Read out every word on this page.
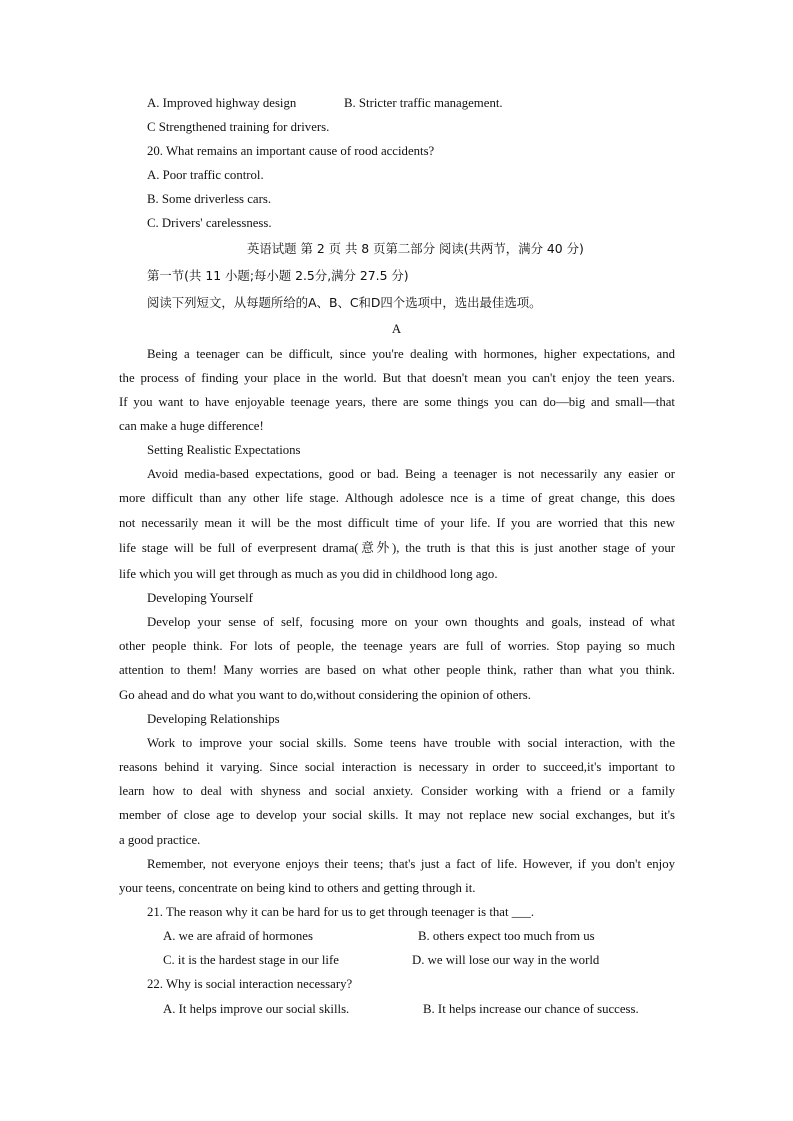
A. Improved highway design	B. Stricter traffic management.
C Strengthened training for drivers.
20. What remains an important cause of rood accidents?
A. Poor traffic control.
B. Some driverless cars.
C. Drivers' carelessness.
英语试题 第 2 页 共 8 页第二部分 阅读(共两节，满分 40 分)
第一节(共 11 小题;每小题 2.5分,满分 27.5 分)
阅读下列短文，从每题所给的A、B、C和D四个选项中，选出最佳选项。
A
Being a teenager can be difficult, since you're dealing with hormones, higher expectations, and
the process of finding your place in the world. But that doesn't mean you can't enjoy the teen years.
If you want to have enjoyable teenage years, there are some things you can do—big and small—that
can make a huge difference!
Setting Realistic Expectations
Avoid media-based expectations, good or bad. Being a teenager is not necessarily any easier or
more difficult than any other life stage. Although adolesce nce is a time of great change, this does
not necessarily mean it will be the most difficult time of your life. If you are worried that this new
life stage will be full of everpresent drama(意外), the truth is that this is just another stage of your
life which you will get through as much as you did in childhood long ago.
Developing Yourself
Develop your sense of self, focusing more on your own thoughts and goals, instead of what
other people think. For lots of people, the teenage years are full of worries. Stop paying so much
attention to them! Many worries are based on what other people think, rather than what you think.
Go ahead and do what you want to do,without considering the opinion of others.
Developing Relationships
Work to improve your social skills. Some teens have trouble with social interaction, with the
reasons behind it varying. Since social interaction is necessary in order to succeed,it's important to
learn how to deal with shyness and social anxiety. Consider working with a friend or a family
member of close age to develop your social skills. It may not replace new social exchanges, but it's
a good practice.
Remember, not everyone enjoys their teens; that's just a fact of life. However, if you don't enjoy
your teens, concentrate on being kind to others and getting through it.
21. The reason why it can be hard for us to get through teenager is that ___.
A. we are afraid of hormones	B. others expect too much from us
C. it is the hardest stage in our life	D. we will lose our way in the world
22. Why is social interaction necessary?
A. It helps improve our social skills.	B. It helps increase our chance of success.
